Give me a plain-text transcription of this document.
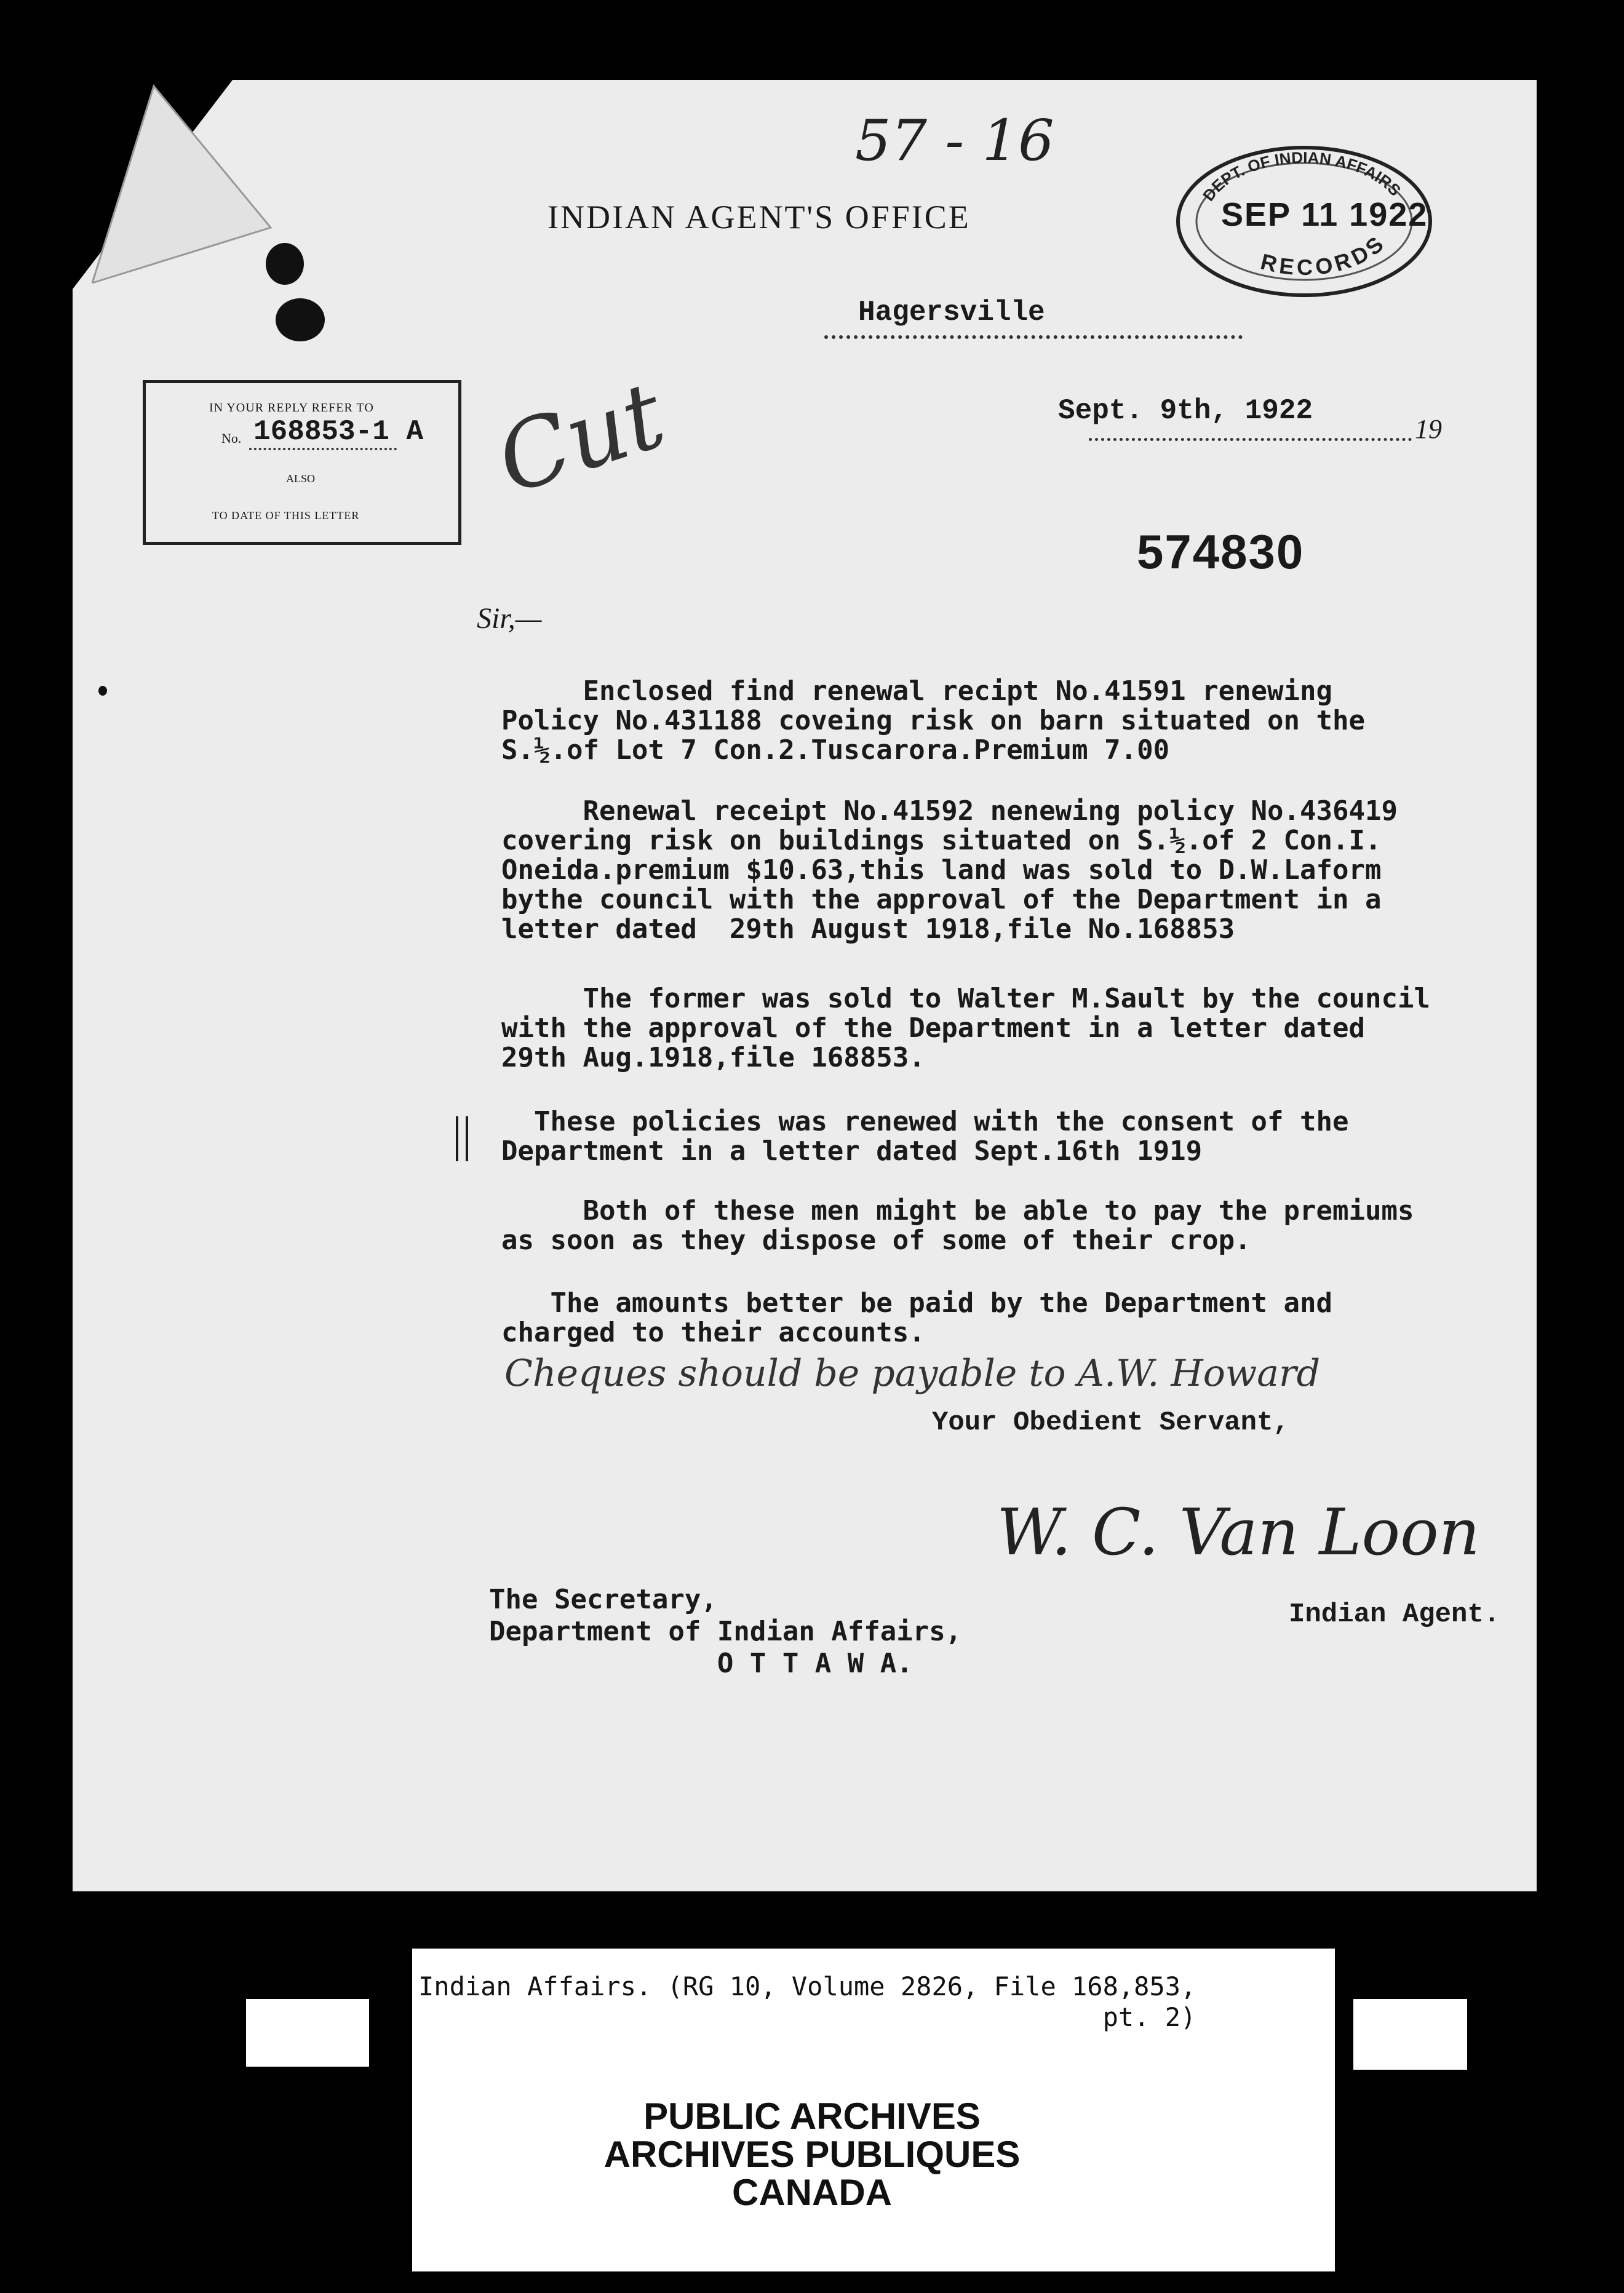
57 - 16
INDIAN AGENT'S OFFICE
DEPT. OF INDIAN AFFAIRS
RECORDS
SEP 11 1922
Hagersville
IN YOUR REPLY REFER TO
No. 168853-1 A
ALSO
TO DATE OF THIS LETTER
Cut	Sept. 9th, 1922
19
574830
Sir,—
Enclosed find renewal recipt No.41591 renewing
Policy No.431188 coveing risk on barn situated on the
S.½.of Lot 7 Con.2.Tuscarora.Premium 7.00
Renewal receipt No.41592 nenewing policy No.436419
covering risk on buildings situated on S.½.of 2 Con.I.
Oneida.premium $10.63,this land was sold to D.W.Laform
bythe council with the approval of the Department in a
letter dated  29th August 1918,file No.168853
The former was sold to Walter M.Sault by the council
with the approval of the Department in a letter dated
29th Aug.1918,file 168853.
||	These policies was renewed with the consent of the
Department in a letter dated Sept.16th 1919
Both of these men might be able to pay the premiums
as soon as they dispose of some of their crop.
The amounts better be paid by the Department and
charged to their accounts.
Cheques should be payable to A.W. Howard
Your Obedient Servant,
W. C. Van Loon
Indian Agent.
The Secretary,
Department of Indian Affairs,
O T T A W A.
Indian Affairs. (RG 10, Volume 2826, File 168,853,
pt. 2)
PUBLIC ARCHIVES
ARCHIVES PUBLIQUES
CANADA
